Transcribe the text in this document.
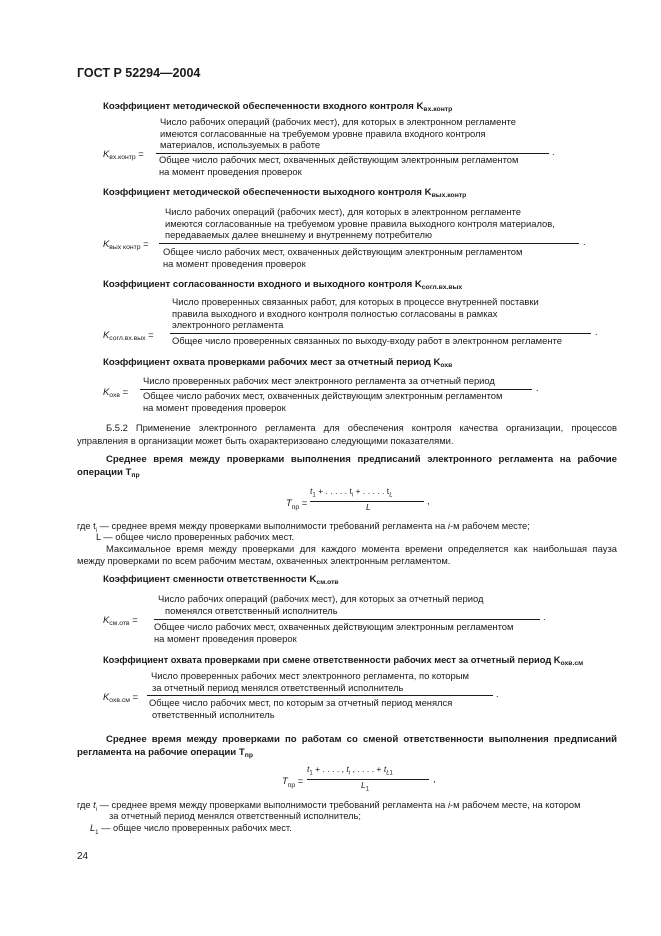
ГОСТ Р 52294—2004
Коэффициент методической обеспеченности входного контроля $K_{вх.контр}$
Число рабочих операций (рабочих мест), для которых в электронном регламенте
имеются согласованные на требуемом уровне правила входного контроля
материалов, используемых в работе
$K_{вх.контр}$ =	.
Общее число рабочих мест, охваченных действующим электронным регламентом
на момент проведения проверок
Коэффициент методической обеспеченности выходного контроля $K_{вых.контр}$
Число рабочих операций (рабочих мест), для которых в электронном регламенте
имеются согласованные на требуемом уровне правила выходного контроля материалов,
передаваемых далее внешнему и внутреннему потребителю
$K_{вых контр}$ =	.
Общее число рабочих мест, охваченных действующим электронным регламентом
на момент проведения проверок
Коэффициент согласованности входного и выходного контроля $K_{согл.вх.вых}$
Число проверенных связанных работ, для которых в процессе внутренней поставки
правила выходного и входного контроля полностью согласованы в рамках
электронного регламента
$K_{согл.вх.вых}$ =	.
Общее число проверенных связанных по выходу-входу работ в электронном регламенте
Коэффициент охвата проверками рабочих мест за отчетный период $K_{охв}$
Число проверенных рабочих мест электронного регламента за отчетный период
$K_{охв}$ =	.
Общее число рабочих мест, охваченных действующим электронным регламентом
на момент проведения проверок
Б.5.2 Применение электронного регламента для обеспечения контроля качества организации, процессов
управления в организации может быть охарактеризовано следующими показателями.
Среднее время между проверками выполнения предписаний электронного регламента на рабочие
операции $T_{пр}$
$T_{пр}$ =
$t_1$ + . . . . . $t_i$ + . . . . . $t_L$	,
L
где $t_i$ — среднее время между проверками выполнимости требований регламента на i-м рабочем месте;
L — общее число проверенных рабочих мест.
Максимальное время между проверками для каждого момента времени определяется как наибольшая пауза
между проверками по всем рабочим местам, охваченных электронным регламентом.
Коэффициент сменности ответственности $K_{см.отв}$
Число рабочих операций (рабочих мест), для которых за отчетный период
поменялся ответственный исполнитель
$K_{см.отв}$ =	.
Общее число рабочих мест, охваченных действующим электронным регламентом
на момент проведения проверок
Коэффициент охвата проверками при смене ответственности рабочих мест за отчетный период $K_{охв.см}$
Число проверенных рабочих мест электронного регламента, по которым
за отчетный период менялся ответственный исполнитель
$K_{охв.см}$ =	.
Общее число рабочих мест, по которым за отчетный период менялся
ответственный исполнитель
Среднее время между проверками по работам со сменой ответственности выполнения предписаний
регламента на рабочие операции $T_{пр}$
$T_{пр}$ =
$t_1$ + . . . . , $t_i$ , . . . . + $t_{L1}$	,
$L_1$
где $t_i$ — среднее время между проверками выполнимости требований регламента на i-м рабочем месте, на котором
за отчетный период менялся ответственный исполнитель;
$L_1$ — общее число проверенных рабочих мест.
24
